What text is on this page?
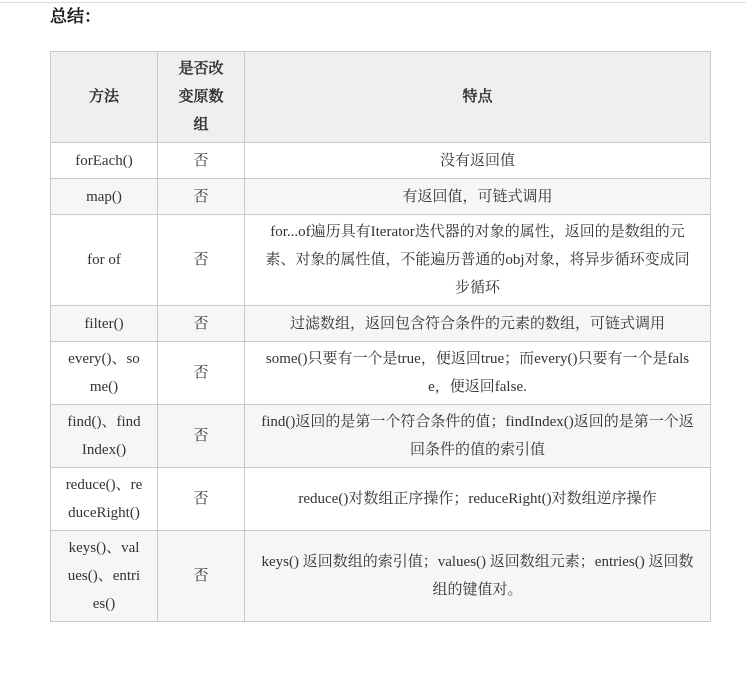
总结：
方法	是否改变原数组	特点
forEach()	否	没有返回值
map()	否	有返回值，可链式调用
for of	否	for...of遍历具有Iterator迭代器的对象的属性，返回的是数组的元素、对象的属性值，不能遍历普通的obj对象，将异步循环变成同步循环
filter()	否	过滤数组，返回包含符合条件的元素的数组，可链式调用
every()、some()	否	some()只要有一个是true，便返回true；而every()只要有一个是false，便返回false.
find()、findIndex()	否	find()返回的是第一个符合条件的值；findIndex()返回的是第一个返回条件的值的索引值
reduce()、reduceRight()	否	reduce()对数组正序操作；reduceRight()对数组逆序操作
keys()、values()、entries()	否	keys() 返回数组的索引值；values() 返回数组元素；entries() 返回数组的键值对。
